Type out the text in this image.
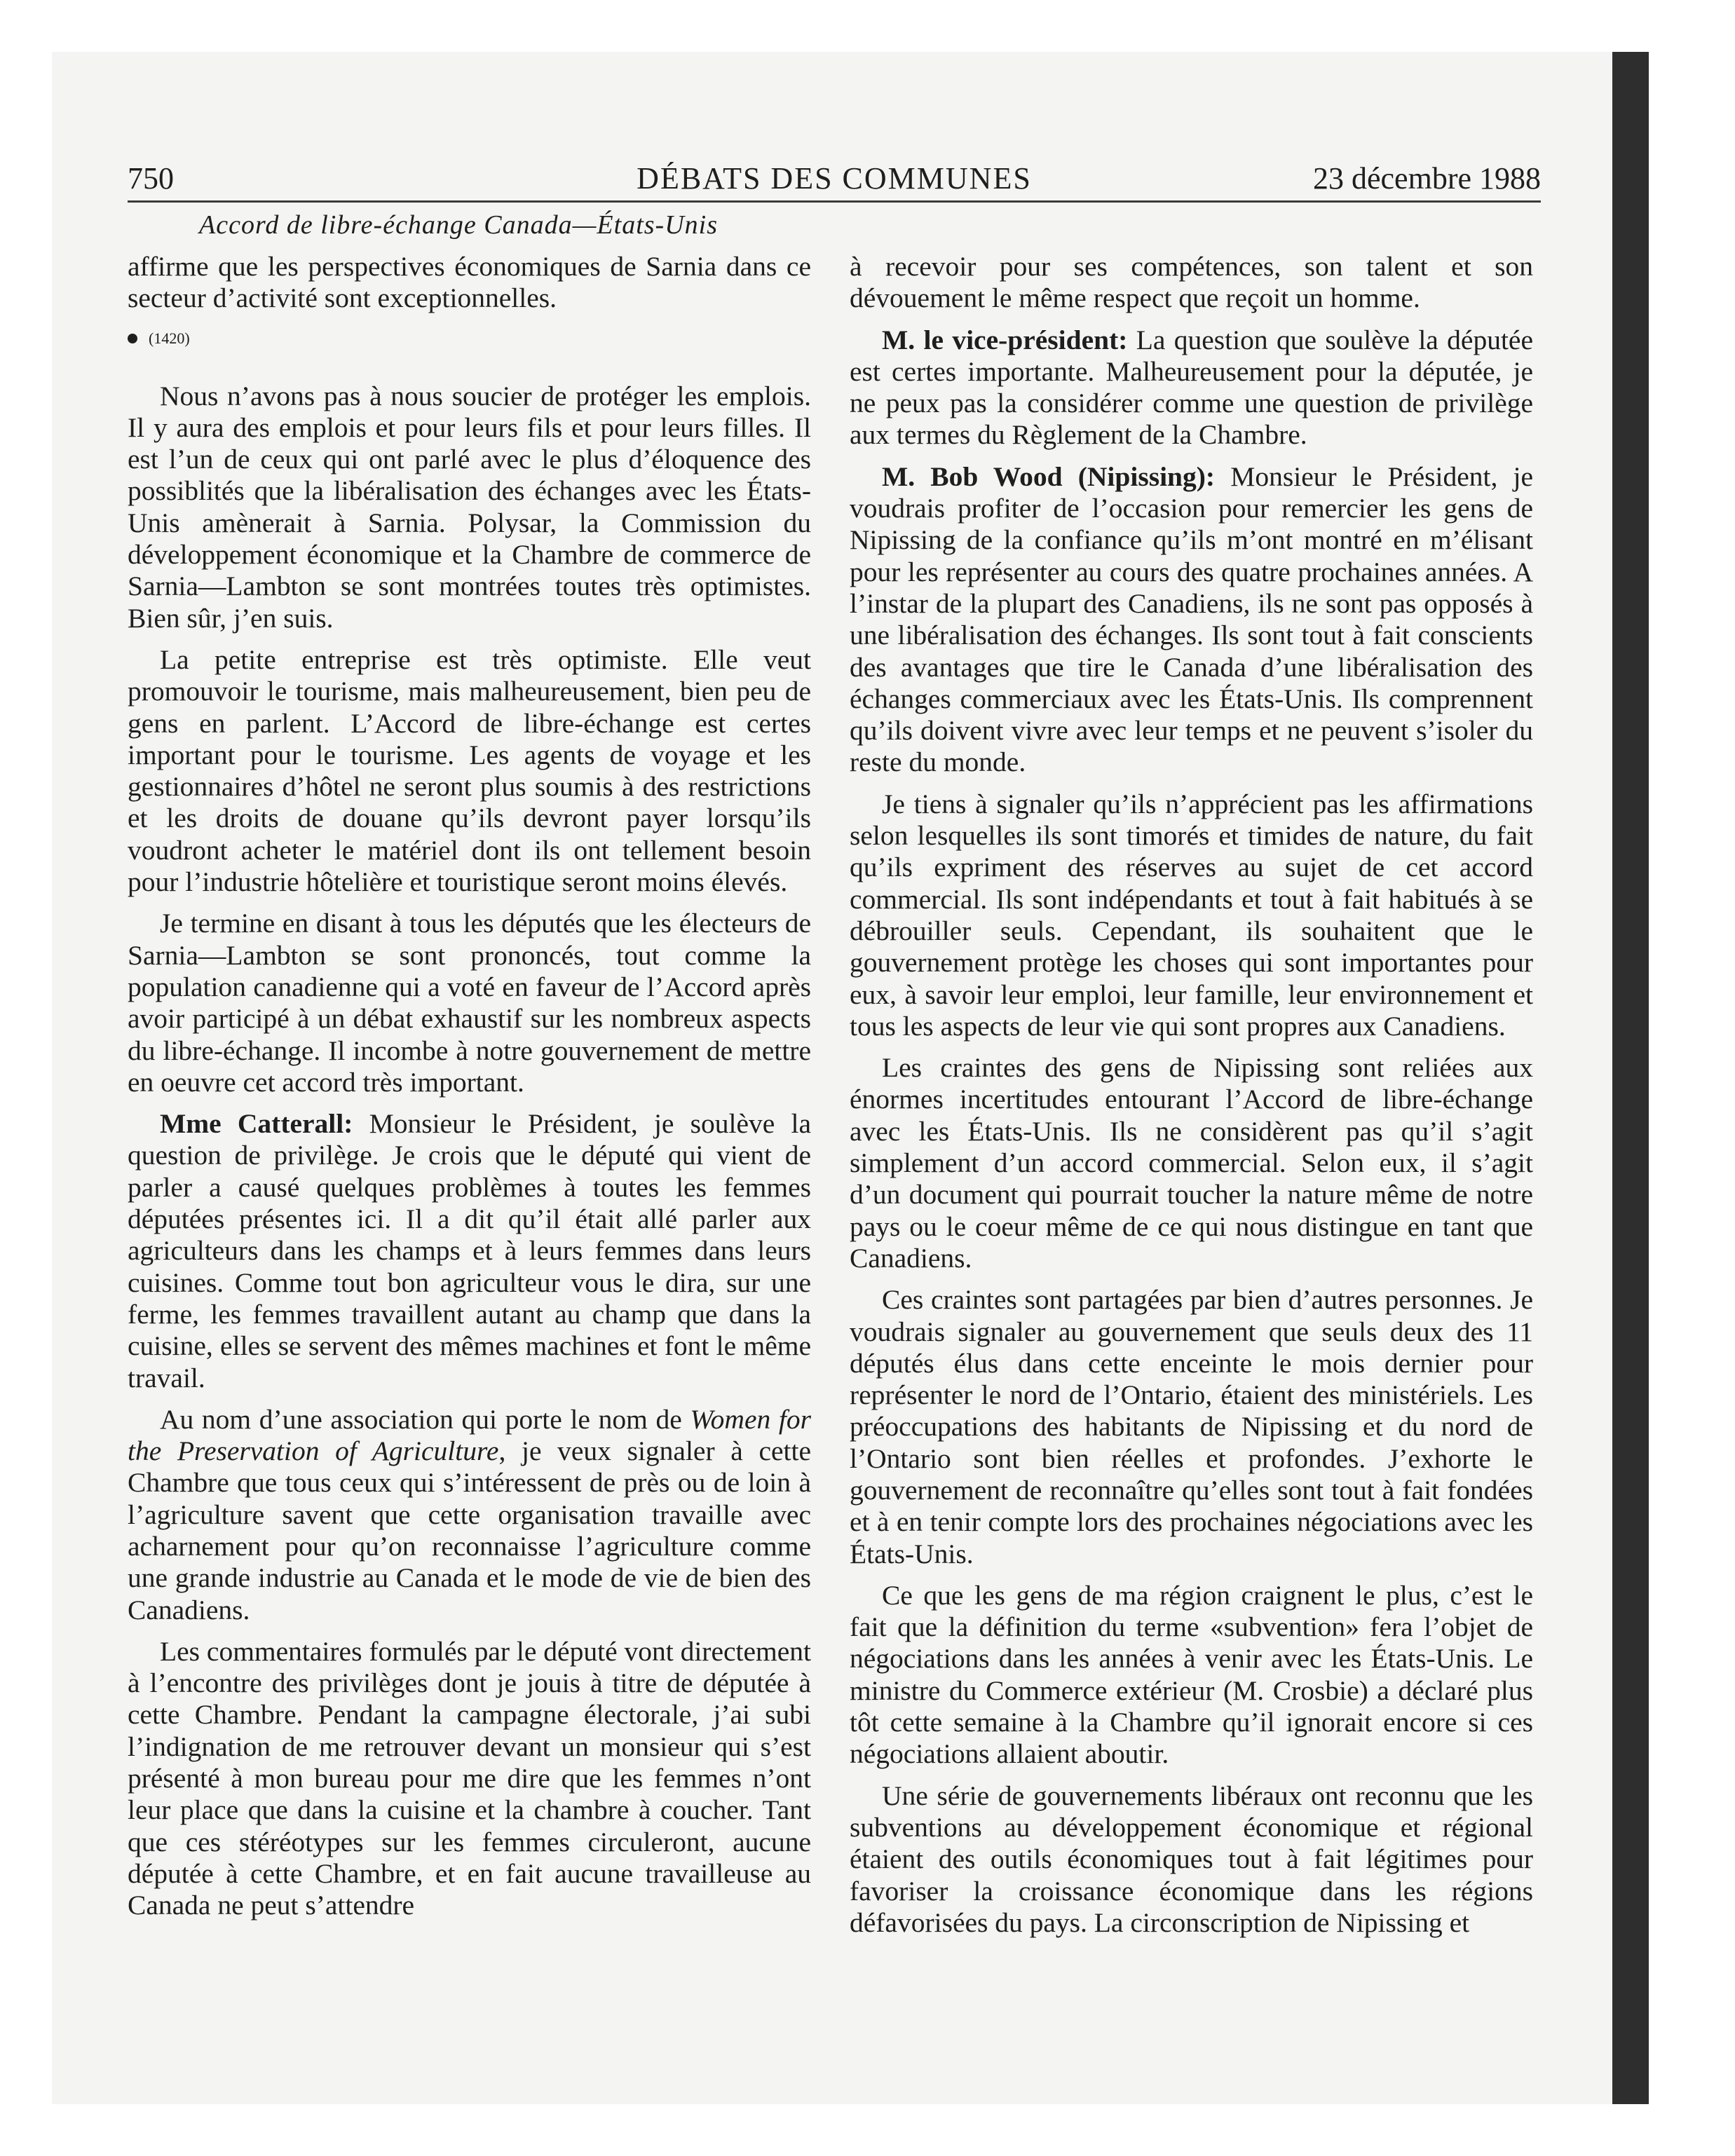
750	DÉBATS DES COMMUNES	23 décembre 1988
Accord de libre-échange Canada—États-Unis

affirme que les perspectives économiques de Sarnia dans ce secteur d’activité sont exceptionnelles.

(1420)

Nous n’avons pas à nous soucier de protéger les emplois. Il y aura des emplois et pour leurs fils et pour leurs filles. Il est l’un de ceux qui ont parlé avec le plus d’éloquence des possiblités que la libéralisation des échanges avec les États-Unis amènerait à Sarnia. Polysar, la Commission du développement économique et la Chambre de commerce de Sarnia—Lambton se sont montrées toutes très optimistes. Bien sûr, j’en suis.

La petite entreprise est très optimiste. Elle veut promouvoir le tourisme, mais malheureusement, bien peu de gens en parlent. L’Accord de libre-échange est certes important pour le tourisme. Les agents de voyage et les gestionnaires d’hôtel ne seront plus soumis à des restrictions et les droits de douane qu’ils devront payer lorsqu’ils voudront acheter le matériel dont ils ont tellement besoin pour l’industrie hôtelière et touristique seront moins élevés.

Je termine en disant à tous les députés que les électeurs de Sarnia—Lambton se sont prononcés, tout comme la population canadienne qui a voté en faveur de l’Accord après avoir participé à un débat exhaustif sur les nombreux aspects du libre-échange. Il incombe à notre gouvernement de mettre en oeuvre cet accord très important.

Mme Catterall: Monsieur le Président, je soulève la question de privilège. Je crois que le député qui vient de parler a causé quelques problèmes à toutes les femmes députées présentes ici. Il a dit qu’il était allé parler aux agriculteurs dans les champs et à leurs femmes dans leurs cuisines. Comme tout bon agriculteur vous le dira, sur une ferme, les femmes travaillent autant au champ que dans la cuisine, elles se servent des mêmes machines et font le même travail.

Au nom d’une association qui porte le nom de Women for the Preservation of Agriculture, je veux signaler à cette Chambre que tous ceux qui s’intéressent de près ou de loin à l’agriculture savent que cette organisation travaille avec acharnement pour qu’on reconnaisse l’agriculture comme une grande industrie au Canada et le mode de vie de bien des Canadiens.

Les commentaires formulés par le député vont directement à l’encontre des privilèges dont je jouis à titre de députée à cette Chambre. Pendant la campagne électorale, j’ai subi l’indignation de me retrouver devant un monsieur qui s’est présenté à mon bureau pour me dire que les femmes n’ont leur place que dans la cuisine et la chambre à coucher. Tant que ces stéréotypes sur les femmes circuleront, aucune députée à cette Chambre, et en fait aucune travailleuse au Canada ne peut s’attendre

à recevoir pour ses compétences, son talent et son dévouement le même respect que reçoit un homme.

M. le vice-président: La question que soulève la députée est certes importante. Malheureusement pour la députée, je ne peux pas la considérer comme une question de privilège aux termes du Règlement de la Chambre.

M. Bob Wood (Nipissing): Monsieur le Président, je voudrais profiter de l’occasion pour remercier les gens de Nipissing de la confiance qu’ils m’ont montré en m’élisant pour les représenter au cours des quatre prochaines années. A l’instar de la plupart des Canadiens, ils ne sont pas opposés à une libéralisation des échanges. Ils sont tout à fait conscients des avantages que tire le Canada d’une libéralisation des échanges commerciaux avec les États-Unis. Ils comprennent qu’ils doivent vivre avec leur temps et ne peuvent s’isoler du reste du monde.

Je tiens à signaler qu’ils n’apprécient pas les affirmations selon lesquelles ils sont timorés et timides de nature, du fait qu’ils expriment des réserves au sujet de cet accord commercial. Ils sont indépendants et tout à fait habitués à se débrouiller seuls. Cependant, ils souhaitent que le gouvernement protège les choses qui sont importantes pour eux, à savoir leur emploi, leur famille, leur environnement et tous les aspects de leur vie qui sont propres aux Canadiens.

Les craintes des gens de Nipissing sont reliées aux énormes incertitudes entourant l’Accord de libre-échange avec les États-Unis. Ils ne considèrent pas qu’il s’agit simplement d’un accord commercial. Selon eux, il s’agit d’un document qui pourrait toucher la nature même de notre pays ou le coeur même de ce qui nous distingue en tant que Canadiens.

Ces craintes sont partagées par bien d’autres personnes. Je voudrais signaler au gouvernement que seuls deux des 11 députés élus dans cette enceinte le mois dernier pour représenter le nord de l’Ontario, étaient des ministériels. Les préoccupations des habitants de Nipissing et du nord de l’Ontario sont bien réelles et profondes. J’exhorte le gouvernement de reconnaître qu’elles sont tout à fait fondées et à en tenir compte lors des prochaines négociations avec les États-Unis.

Ce que les gens de ma région craignent le plus, c’est le fait que la définition du terme «subvention» fera l’objet de négociations dans les années à venir avec les États-Unis. Le ministre du Commerce extérieur (M. Crosbie) a déclaré plus tôt cette semaine à la Chambre qu’il ignorait encore si ces négociations allaient aboutir.

Une série de gouvernements libéraux ont reconnu que les subventions au développement économique et régional étaient des outils économiques tout à fait légitimes pour favoriser la croissance économique dans les régions défavorisées du pays. La circonscription de Nipissing et
